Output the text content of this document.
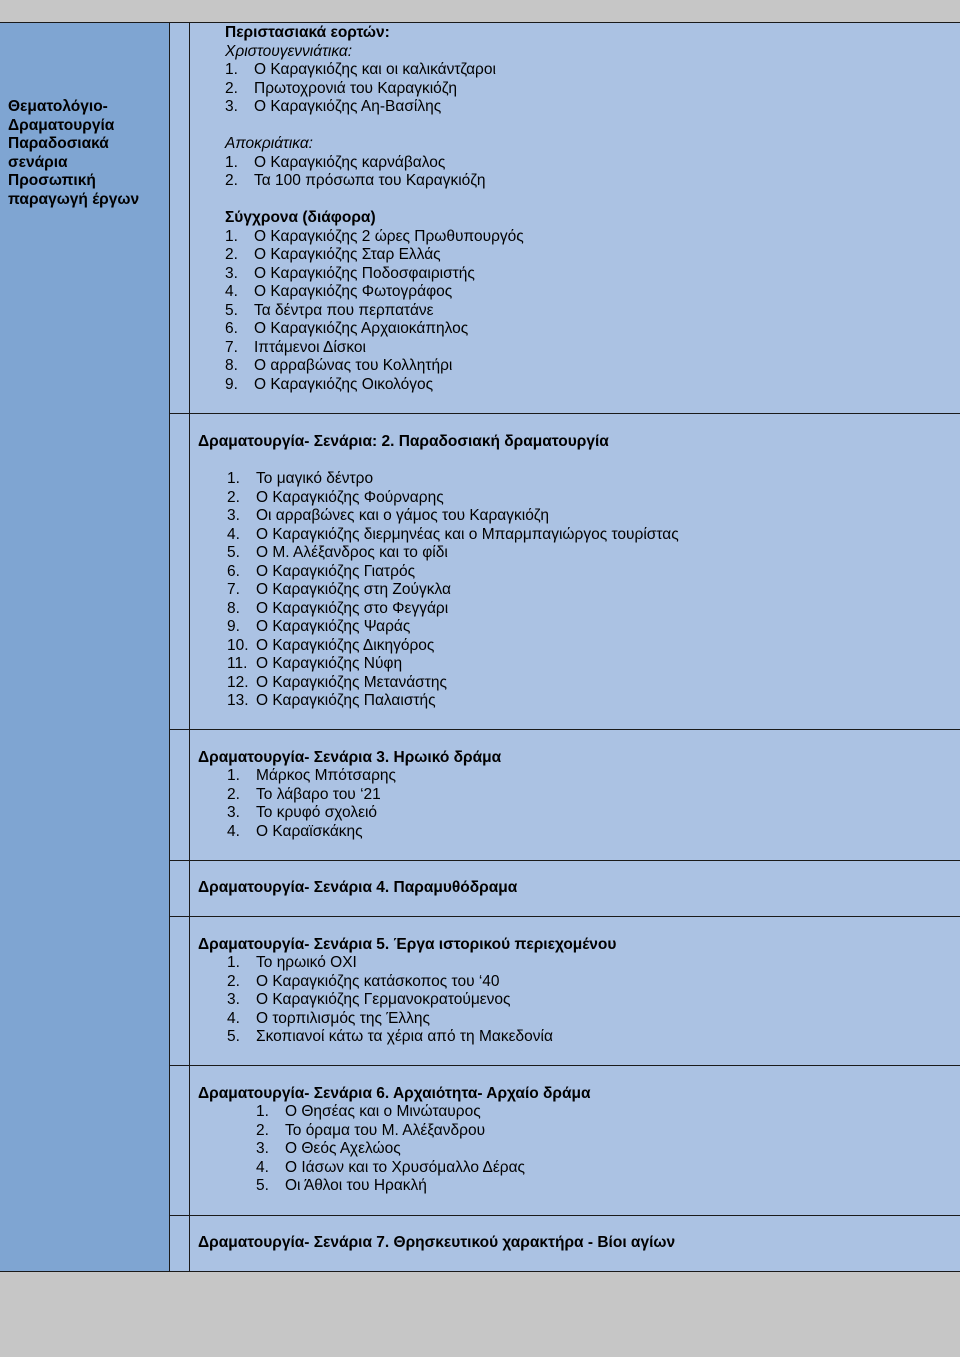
Θεματολόγιο-
Δραματουργία
Παραδοσιακά
σενάρια
Προσωπική
παραγωγή έργων
Περιστασιακά εορτών:
Χριστουγεννιάτικα:
1. Ο Καραγκιόζης και οι καλικάντζαροι
2. Πρωτοχρονιά του Καραγκιόζη
3. Ο Καραγκιόζης Αη-Βασίλης
Αποκριάτικα:
1. Ο Καραγκιόζης καρνάβαλος
2. Τα 100 πρόσωπα του Καραγκιόζη
Σύγχρονα (διάφορα)
1. Ο Καραγκιόζης 2 ώρες Πρωθυπουργός
2. Ο Καραγκιόζης Σταρ Ελλάς
3. Ο Καραγκιόζης Ποδοσφαιριστής
4. Ο Καραγκιόζης Φωτογράφος
5. Τα δέντρα που περπατάνε
6. Ο Καραγκιόζης Αρχαιοκάπηλος
7. Ιπτάμενοι Δίσκοι
8. Ο αρραβώνας του Κολλητήρι
9. Ο Καραγκιόζης Οικολόγος
Δραματουργία- Σενάρια: 2. Παραδοσιακή δραματουργία
1. Το μαγικό δέντρο
2. Ο Καραγκιόζης Φούρναρης
3. Οι αρραβώνες και ο γάμος του Καραγκιόζη
4. Ο Καραγκιόζης διερμηνέας και ο Μπαρμπαγιώργος τουρίστας
5. Ο Μ. Αλέξανδρος και το φίδι
6. Ο Καραγκιόζης Γιατρός
7. Ο Καραγκιόζης στη Ζούγκλα
8. Ο Καραγκιόζης στο Φεγγάρι
9. Ο Καραγκιόζης Ψαράς
10. Ο Καραγκιόζης Δικηγόρος
11. Ο Καραγκιόζης Νύφη
12. Ο Καραγκιόζης Μετανάστης
13. Ο Καραγκιόζης Παλαιστής
Δραματουργία- Σενάρια 3. Ηρωικό δράμα
1. Μάρκος Μπότσαρης
2. Το λάβαρο του ‘21
3. Το κρυφό σχολειό
4. Ο Καραϊσκάκης
Δραματουργία- Σενάρια 4. Παραμυθόδραμα
Δραματουργία- Σενάρια 5. Έργα ιστορικού περιεχομένου
1. Το ηρωικό ΟΧΙ
2. Ο Καραγκιόζης κατάσκοπος του ‘40
3. Ο Καραγκιόζης Γερμανοκρατούμενος
4. Ο τορπιλισμός της Έλλης
5. Σκοπιανοί κάτω τα χέρια από τη Μακεδονία
Δραματουργία- Σενάρια 6. Αρχαιότητα- Αρχαίο δράμα
1. Ο Θησέας και ο Μινώταυρος
2. Το όραμα του Μ. Αλέξανδρου
3. Ο Θεός Αχελώος
4. Ο Ιάσων και το Χρυσόμαλλο Δέρας
5. Οι Άθλοι του Ηρακλή
Δραματουργία- Σενάρια 7. Θρησκευτικού χαρακτήρα - Βίοι αγίων
